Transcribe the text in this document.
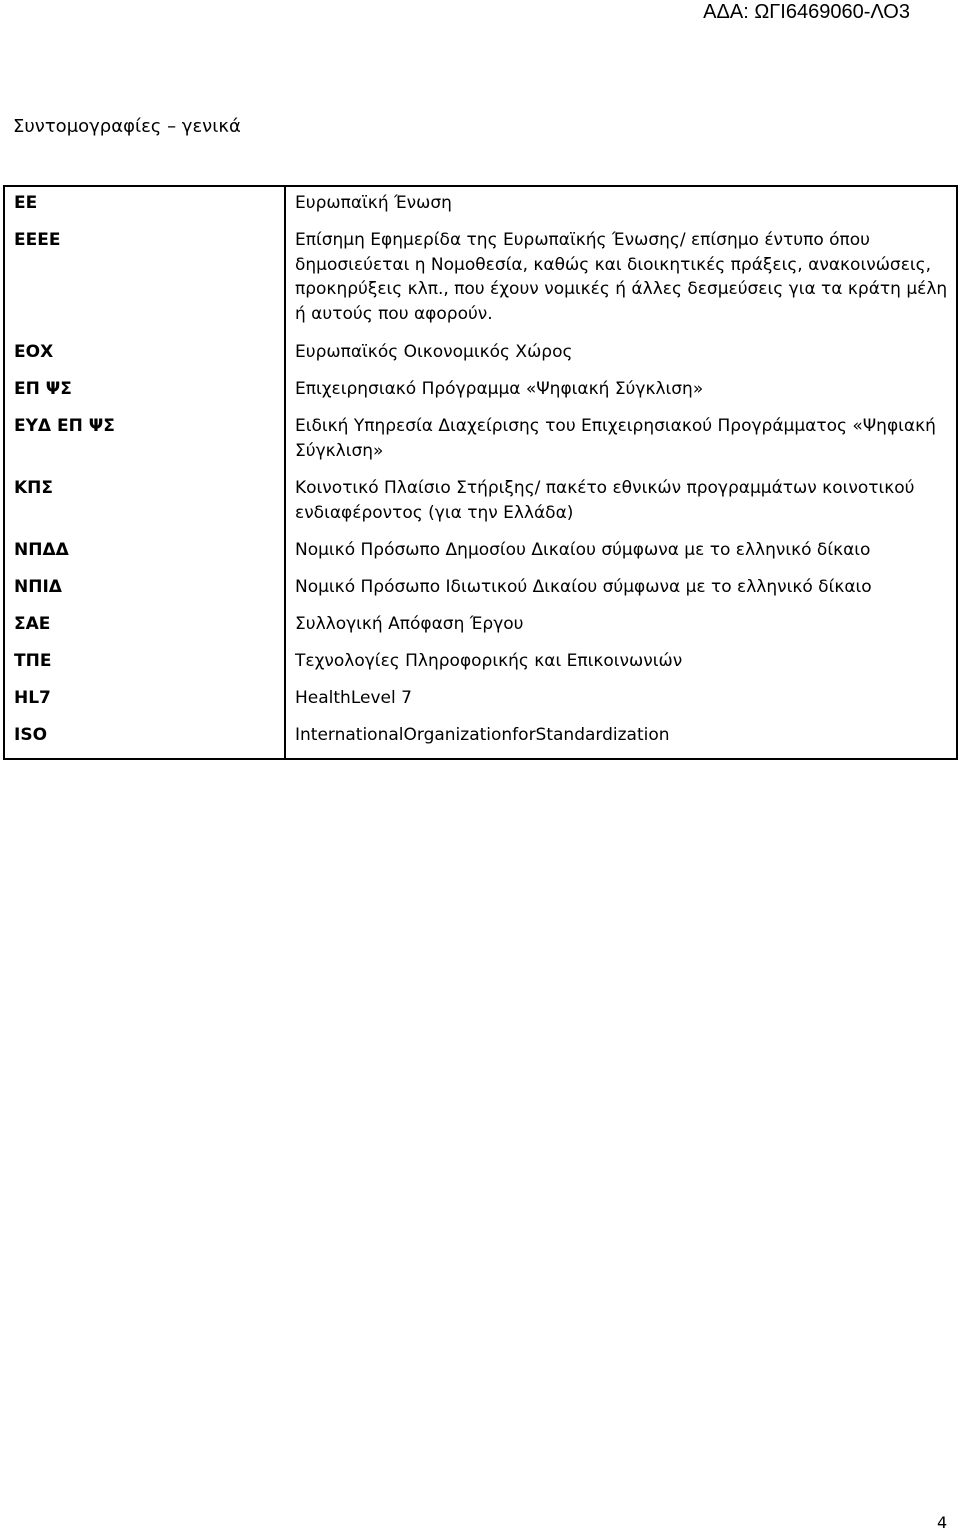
ΑΔΑ: ΩΓΙ6469060-ΛΟ3
Συντομογραφίες – γενικά
ΕΕ	Ευρωπαϊκή Ένωση
ΕΕΕΕ	Επίσημη Εφημερίδα της Ευρωπαϊκής Ένωσης/ επίσημο έντυπο όπου δημοσιεύεται η Νομοθεσία, καθώς και διοικητικές πράξεις, ανακοινώσεις, προκηρύξεις κλπ., που έχουν νομικές ή άλλες δεσμεύσεις για τα κράτη μέλη ή αυτούς που αφορούν.
ΕΟΧ	Ευρωπαϊκός Οικονομικός Χώρος
ΕΠ ΨΣ	Επιχειρησιακό Πρόγραμμα «Ψηφιακή Σύγκλιση»
ΕΥΔ ΕΠ ΨΣ	Ειδική Υπηρεσία Διαχείρισης του Επιχειρησιακού Προγράμματος «Ψηφιακή Σύγκλιση»
ΚΠΣ	Κοινοτικό Πλαίσιο Στήριξης/ πακέτο εθνικών προγραμμάτων κοινοτικού ενδιαφέροντος (για την Ελλάδα)
ΝΠΔΔ	Νομικό Πρόσωπο Δημοσίου Δικαίου σύμφωνα με το ελληνικό δίκαιο
ΝΠΙΔ	Νομικό Πρόσωπο Ιδιωτικού Δικαίου σύμφωνα με το ελληνικό δίκαιο
ΣΑΕ	Συλλογική Απόφαση Έργου
ΤΠΕ	Τεχνολογίες Πληροφορικής και Επικοινωνιών
HL7	HealthLevel 7
ISO	InternationalOrganizationforStandardization
4
